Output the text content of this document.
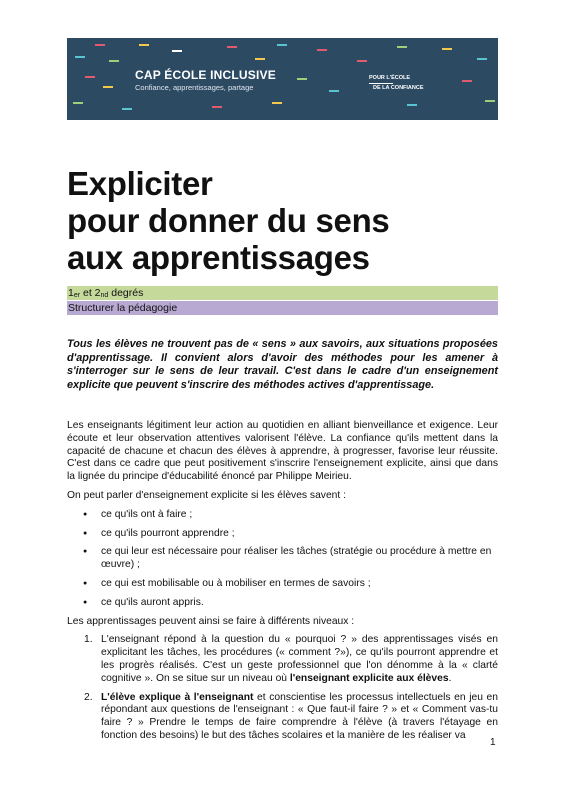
CAP ÉCOLE INCLUSIVE
Confiance, apprentissages, partage
POUR L'ÉCOLE
DE LA CONFIANCE
Expliciter
pour donner du sens
aux apprentissages
$1_{er}$ et $2_{nd}$ degrés
Structurer la pédagogie

Tous les élèves ne trouvent pas de « sens » aux savoirs, aux situations proposées d'apprentissage. Il convient alors d'avoir des méthodes pour les amener à s'interroger sur le sens de leur travail. C'est dans le cadre d'un enseignement explicite que peuvent s'inscrire des méthodes actives d'apprentissage.

Les enseignants légitiment leur action au quotidien en alliant bienveillance et exigence. Leur écoute et leur observation attentives valorisent l'élève. La confiance qu'ils mettent dans la capacité de chacune et chacun des élèves à apprendre, à progresser, favorise leur réussite. C'est dans ce cadre que peut positivement s'inscrire l'enseignement explicite, ainsi que dans la lignée du principe d'éducabilité énoncé par Philippe Meirieu.

On peut parler d'enseignement explicite si les élèves savent :

● ce qu'ils ont à faire ;
● ce qu'ils pourront apprendre ;
● ce qui leur est nécessaire pour réaliser les tâches (stratégie ou procédure à mettre en œuvre) ;
● ce qui est mobilisable ou à mobiliser en termes de savoirs ;
● ce qu'ils auront appris.

Les apprentissages peuvent ainsi se faire à différents niveaux :

1. L'enseignant répond à la question du « pourquoi ? » des apprentissages visés en explicitant les tâches, les procédures (« comment ?»), ce qu'ils pourront apprendre et les progrès réalisés. C'est un geste professionnel que l'on dénomme à la « clarté cognitive ». On se situe sur un niveau où l'enseignant explicite aux élèves.
2. L'élève explique à l'enseignant et conscientise les processus intellectuels en jeu en répondant aux questions de l'enseignant : « Que faut-il faire ? » et « Comment vas-tu faire ? » Prendre le temps de faire comprendre à l'élève (à travers l'étayage en fonction des besoins) le but des tâches scolaires et la manière de les réaliser va
1
